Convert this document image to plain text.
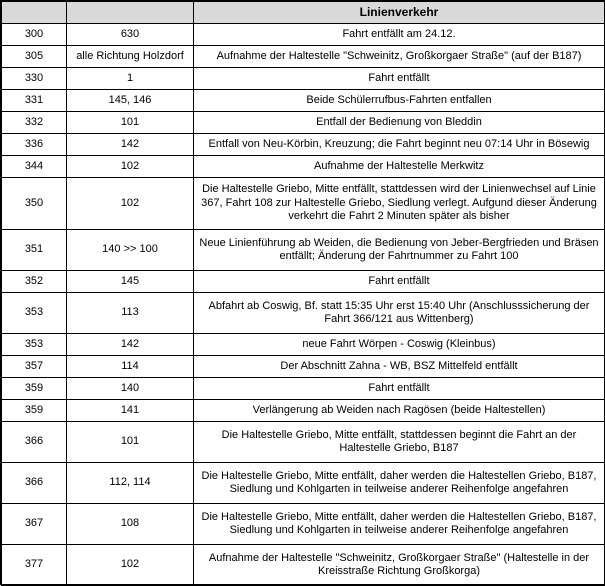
		Linienverkehr
300	630	Fahrt entfällt am 24.12.
305	alle Richtung Holzdorf	Aufnahme der Haltestelle "Schweinitz, Großkorgaer Straße" (auf der B187)
330	1	Fahrt entfällt
331	145, 146	Beide Schülerrufbus-Fahrten entfallen
332	101	Entfall der Bedienung von Bleddin
336	142	Entfall von Neu-Körbin, Kreuzung; die Fahrt beginnt neu 07:14 Uhr in Bösewig
344	102	Aufnahme der Haltestelle Merkwitz
350	102	Die Haltestelle Griebo, Mitte entfällt, stattdessen wird der Linienwechsel auf Linie 367, Fahrt 108 zur Haltestelle Griebo, Siedlung verlegt. Aufgund dieser Änderung verkehrt die Fahrt 2 Minuten später als bisher
351	140 >> 100	Neue Linienführung ab Weiden, die Bedienung von Jeber-Bergfrieden und Bräsen entfällt; Änderung der Fahrtnummer zu Fahrt 100
352	145	Fahrt entfällt
353	113	Abfahrt ab Coswig, Bf. statt 15:35 Uhr erst 15:40 Uhr (Anschlusssicherung der Fahrt 366/121 aus Wittenberg)
353	142	neue Fahrt Wörpen - Coswig (Kleinbus)
357	114	Der Abschnitt Zahna - WB, BSZ Mittelfeld entfällt
359	140	Fahrt entfällt
359	141	Verlängerung ab Weiden nach Ragösen (beide Haltestellen)
366	101	Die Haltestelle Griebo, Mitte entfällt, stattdessen beginnt die Fahrt an der Haltestelle Griebo, B187
366	112, 114	Die Haltestelle Griebo, Mitte entfällt, daher werden die Haltestellen Griebo, B187, Siedlung und Kohlgarten in teilweise anderer Reihenfolge angefahren
367	108	Die Haltestelle Griebo, Mitte entfällt, daher werden die Haltestellen Griebo, B187, Siedlung und Kohlgarten in teilweise anderer Reihenfolge angefahren
377	102	Aufnahme der Haltestelle "Schweinitz, Großkorgaer Straße" (Haltestelle in der Kreisstraße Richtung Großkorga)
